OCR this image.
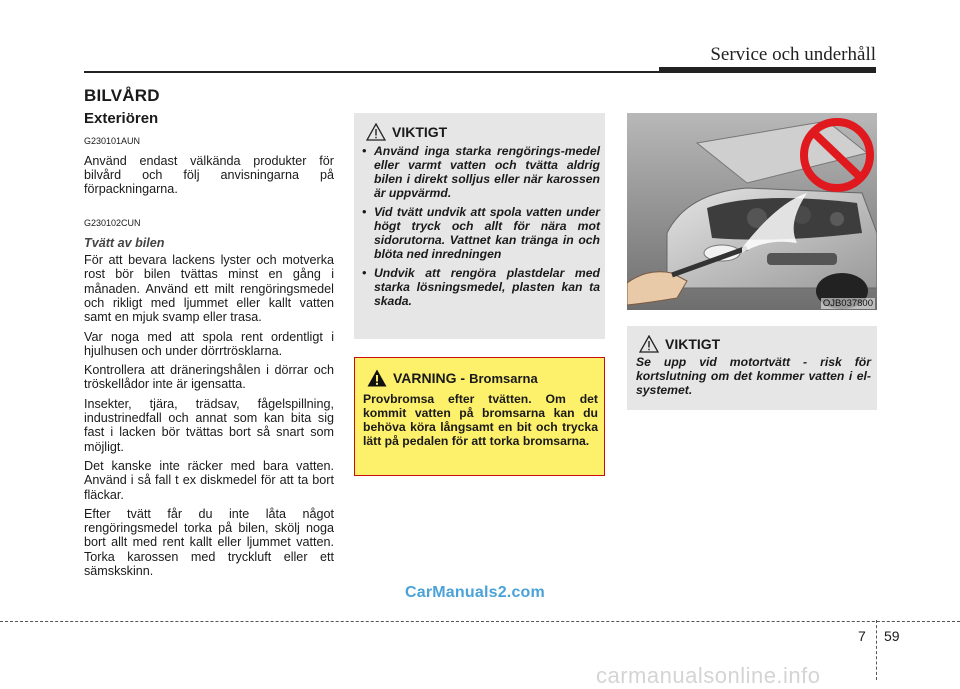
Service och underhåll
BILVÅRD
Exteriören
G230101AUN

Använd endast välkända produkter för bilvård och följ anvisningarna på förpackningarna.

G230102CUN
Tvätt av bilen

För att bevara lackens lyster och motverka rost bör bilen tvättas minst en gång i månaden. Använd ett milt rengöringsmedel och rikligt med ljummet eller kallt vatten samt en mjuk svamp eller trasa.

Var noga med att spola rent ordentligt i hjulhusen och under dörrtrösklarna.

Kontrollera att dräneringshålen i dörrar och tröskellådor inte är igensatta.

Insekter, tjära, trädsav, fågelspillning, industrinedfall och annat som kan bita sig fast i lacken bör tvättas bort så snart som möjligt.

Det kanske inte räcker med bara vatten. Använd i så fall t ex diskmedel för att ta bort fläckar.

Efter tvätt får du inte låta något rengöringsmedel torka på bilen, skölj noga bort allt med rent kallt eller ljummet vatten. Torka karossen med tryckluft eller ett sämskskinn.

VIKTIGT
• Använd inga starka rengörings-medel eller varmt vatten och tvätta aldrig bilen i direkt solljus eller när karossen är uppvärmd.
• Vid tvätt undvik att spola vatten under högt tryck och allt för nära mot sidorutorna. Vattnet kan tränga in och blöta ned inredningen
• Undvik att rengöra plastdelar med starka lösningsmedel, plasten kan ta skada.
VARNING - Bromsarna
Provbromsa efter tvätten. Om det kommit vatten på bromsarna kan du behöva köra långsamt en bit och trycka lätt på pedalen för att torka bromsarna.
OJB037800
VIKTIGT
Se upp vid motortvätt - risk för kortslutning om det kommer vatten i el-systemet.
CarManuals2.com
7 59
carmanualsonline.info
